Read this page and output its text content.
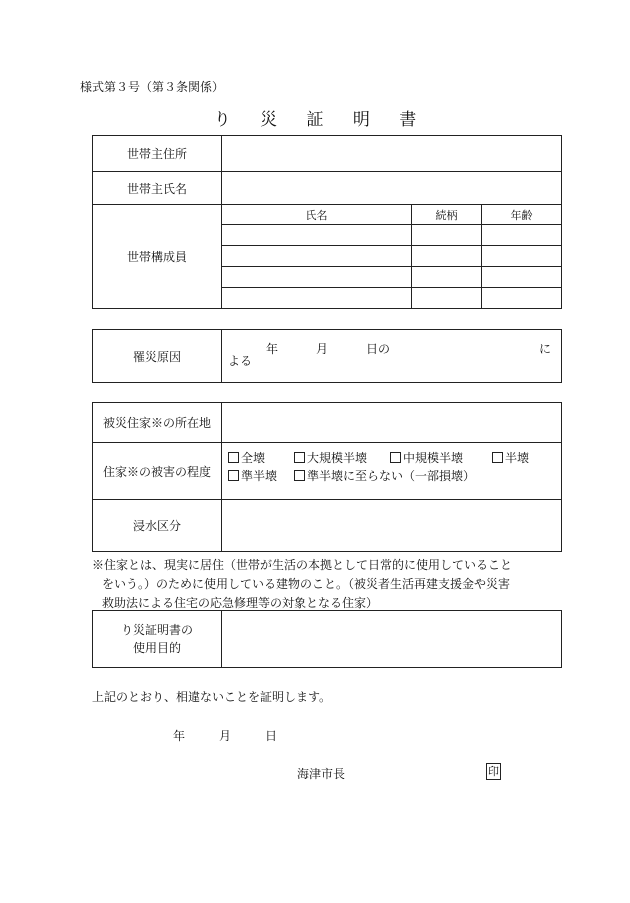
様式第３号（第３条関係）
り 災 証 明 書
世帯主住所			
世帯主氏名			
世帯構成員	氏名	続柄	年齢

罹災原因	
年	月	日の	に
よる
被災住家※の所在地	
住家※の被害の程度	全壊 大規模半壊 中規模半壊 半壊
準半壊 準半壊に至らない（一部損壊）

浸水区分	
※住家とは、現実に居住（世帯が生活の本拠として日常的に使用していること
をいう。）のために使用している建物のこと。（被災者生活再建支援金や災害
救助法による住宅の応急修理等の対象となる住家）
り災証明書の
使用目的

上記のとおり、相違ないことを証明します。
年	月	日
海津市長	印
